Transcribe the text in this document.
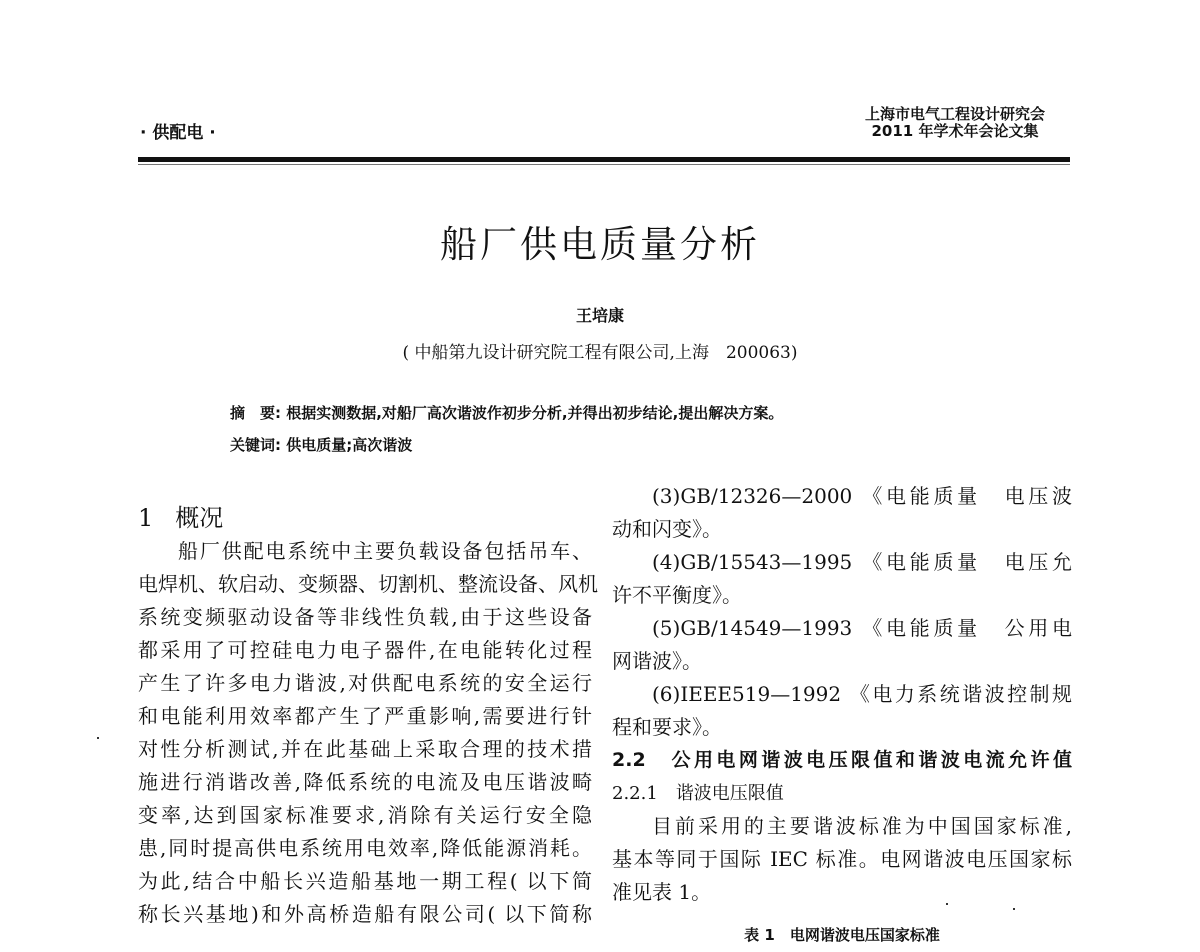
· 供配电 ·
上海市电气工程设计研究会
2011 年学术年会论文集
船厂供电质量分析
王培康
( 中船第九设计研究院工程有限公司,上海　200063)
摘　要: 根据实测数据,对船厂高次谐波作初步分析,并得出初步结论,提出解决方案。
关键词: 供电质量;高次谐波
1 概况
船厂供配电系统中主要负载设备包括吊车、
电焊机、软启动、变频器、切割机、整流设备、风机
系统变频驱动设备等非线性负载,由于这些设备
都采用了可控硅电力电子器件,在电能转化过程
产生了许多电力谐波,对供配电系统的安全运行
和电能利用效率都产生了严重影响,需要进行针
对性分析测试,并在此基础上采取合理的技术措
施进行消谐改善,降低系统的电流及电压谐波畸
变率,达到国家标准要求,消除有关运行安全隐
患,同时提高供电系统用电效率,降低能源消耗。
为此,结合中船长兴造船基地一期工程( 以下简
称长兴基地)和外高桥造船有限公司( 以下简称
(3)GB/12326—2000 《电能质量　电压波
动和闪变》。
(4)GB/15543—1995 《电能质量　电压允
许不平衡度》。
(5)GB/14549—1993 《电能质量　公用电
网谐波》。
(6)IEEE519—1992 《电力系统谐波控制规
程和要求》。
2.2　公用电网谐波电压限值和谐波电流允许值
2.2.1　谐波电压限值
目前采用的主要谐波标准为中国国家标准,
基本等同于国际 IEC 标准。电网谐波电压国家标
准见表 1。
表 1　电网谐波电压国家标准
